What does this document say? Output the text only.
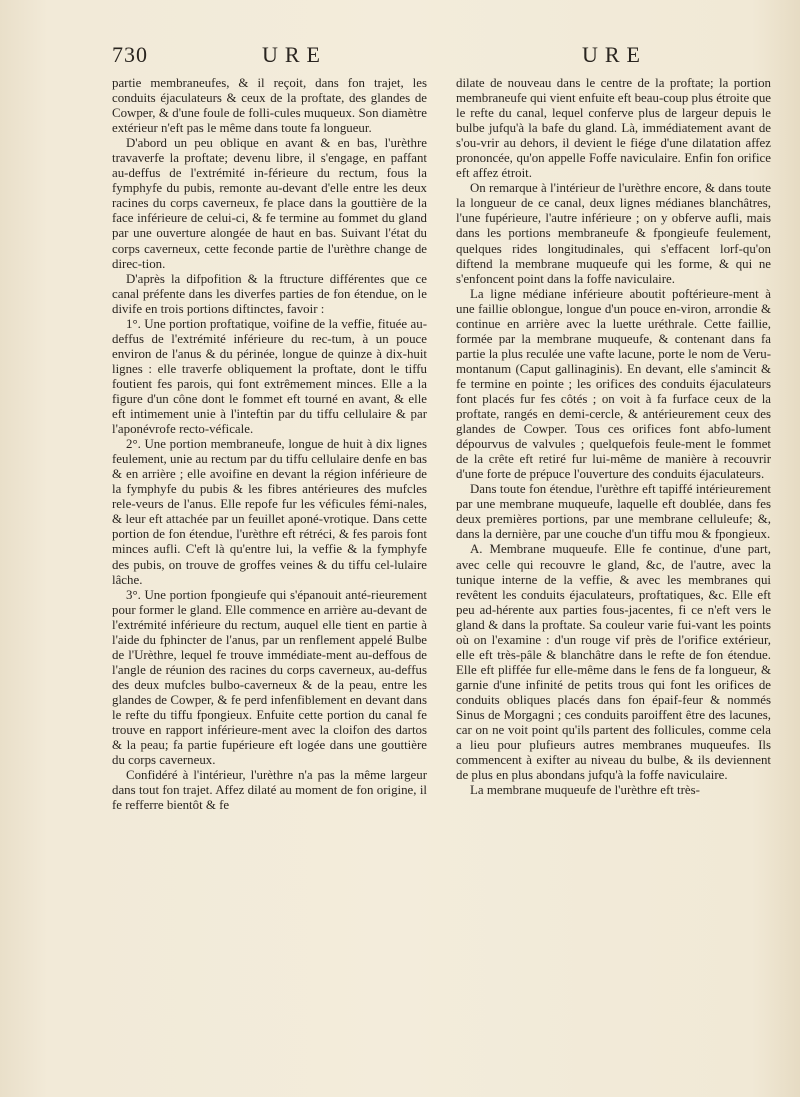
730	URE	URE

partie membraneufes, & il reçoit, dans fon trajet, les conduits éjaculateurs & ceux de la proftate, des glandes de Cowper, & d'une foule de folli-cules muqueux. Son diamètre extérieur n'eft pas le même dans toute fa longueur.

D'abord un peu oblique en avant & en bas, l'urèthre travaverfe la proftate; devenu libre, il s'engage, en paffant au-deffus de l'extrémité in-férieure du rectum, fous la fymphyfe du pubis, remonte au-devant d'elle entre les deux racines du corps caverneux, fe place dans la gouttière de la face inférieure de celui-ci, & fe termine au fommet du gland par une ouverture alongée de haut en bas. Suivant l'état du corps caverneux, cette feconde partie de l'urèthre change de direc-tion.

D'après la difpofition & la ftructure différentes que ce canal préfente dans les diverfes parties de fon étendue, on le divife en trois portions diftinctes, favoir :

1°. Une portion proftatique, voifine de la veffie, fituée au-deffus de l'extrémité inférieure du rec-tum, à un pouce environ de l'anus & du périnée, longue de quinze à dix-huit lignes : elle traverfe obliquement la proftate, dont le tiffu foutient fes parois, qui font extrêmement minces. Elle a la figure d'un cône dont le fommet eft tourné en avant, & elle eft intimement unie à l'inteftin par du tiffu cellulaire & par l'aponévrofe recto-véficale.

2°. Une portion membraneufe, longue de huit à dix lignes feulement, unie au rectum par du tiffu cellulaire denfe en bas & en arrière ; elle avoifine en devant la région inférieure de la fymphyfe du pubis & les fibres antérieures des mufcles rele-veurs de l'anus. Elle repofe fur les véficules fémi-nales, & leur eft attachée par un feuillet aponé-vrotique. Dans cette portion de fon étendue, l'urèthre eft rétréci, & fes parois font minces aufli. C'eft là qu'entre lui, la veffie & la fymphyfe des pubis, on trouve de groffes veines & du tiffu cel-lulaire lâche.

3°. Une portion fpongieufe qui s'épanouit anté-rieurement pour former le gland. Elle commence en arrière au-devant de l'extrémité inférieure du rectum, auquel elle tient en partie à l'aide du fphincter de l'anus, par un renflement appelé Bulbe de l'Urèthre, lequel fe trouve immédiate-ment au-deffous de l'angle de réunion des racines du corps caverneux, au-deffus des deux mufcles bulbo-caverneux & de la peau, entre les glandes de Cowper, & fe perd infenfiblement en devant dans le refte du tiffu fpongieux. Enfuite cette portion du canal fe trouve en rapport inférieure-ment avec la cloifon des dartos & la peau; fa partie fupérieure eft logée dans une gouttière du corps caverneux.

Confidéré à l'intérieur, l'urèthre n'a pas la même largeur dans tout fon trajet. Affez dilaté au moment de fon origine, il fe refferre bientôt & fe

dilate de nouveau dans le centre de la proftate; la portion membraneufe qui vient enfuite eft beau-coup plus étroite que le refte du canal, lequel conferve plus de largeur depuis le bulbe jufqu'à la bafe du gland. Là, immédiatement avant de s'ou-vrir au dehors, il devient le fiége d'une dilatation affez prononcée, qu'on appelle Foffe naviculaire. Enfin fon orifice eft affez étroit.

On remarque à l'intérieur de l'urèthre encore, & dans toute la longueur de ce canal, deux lignes médianes blanchâtres, l'une fupérieure, l'autre inférieure ; on y obferve aufli, mais dans les portions membraneufe & fpongieufe feulement, quelques rides longitudinales, qui s'effacent lorf-qu'on diftend la membrane muqueufe qui les forme, & qui ne s'enfoncent point dans la foffe naviculaire.

La ligne médiane inférieure aboutit poftérieure-ment à une faillie oblongue, longue d'un pouce en-viron, arrondie & continue en arrière avec la luette uréthrale. Cette faillie, formée par la membrane muqueufe, & contenant dans fa partie la plus reculée une vafte lacune, porte le nom de Veru-montanum (Caput gallinaginis). En devant, elle s'amincit & fe termine en pointe ; les orifices des conduits éjaculateurs font placés fur fes côtés ; on voit à fa furface ceux de la proftate, rangés en demi-cercle, & antérieurement ceux des glandes de Cowper. Tous ces orifices font abfo-lument dépourvus de valvules ; quelquefois feule-ment le fommet de la crête eft retiré fur lui-même de manière à recouvrir d'une forte de prépuce l'ouverture des conduits éjaculateurs.

Dans toute fon étendue, l'urèthre eft tapiffé intérieurement par une membrane muqueufe, laquelle eft doublée, dans fes deux premières portions, par une membrane celluleufe; &, dans la dernière, par une couche d'un tiffu mou & fpongieux.

A. Membrane muqueufe. Elle fe continue, d'une part, avec celle qui recouvre le gland, &c, de l'autre, avec la tunique interne de la veffie, & avec les membranes qui revêtent les conduits éjaculateurs, proftatiques, &c. Elle eft peu ad-hérente aux parties fous-jacentes, fi ce n'eft vers le gland & dans la proftate. Sa couleur varie fui-vant les points où on l'examine : d'un rouge vif près de l'orifice extérieur, elle eft très-pâle & blanchâtre dans le refte de fon étendue. Elle eft pliffée fur elle-même dans le fens de fa longueur, & garnie d'une infinité de petits trous qui font les orifices de conduits obliques placés dans fon épaif-feur & nommés Sinus de Morgagni ; ces conduits paroiffent être des lacunes, car on ne voit point qu'ils partent des follicules, comme cela a lieu pour plufieurs autres membranes muqueufes. Ils commencent à exifter au niveau du bulbe, & ils deviennent de plus en plus abondans jufqu'à la foffe naviculaire.

La membrane muqueufe de l'urèthre eft très-
